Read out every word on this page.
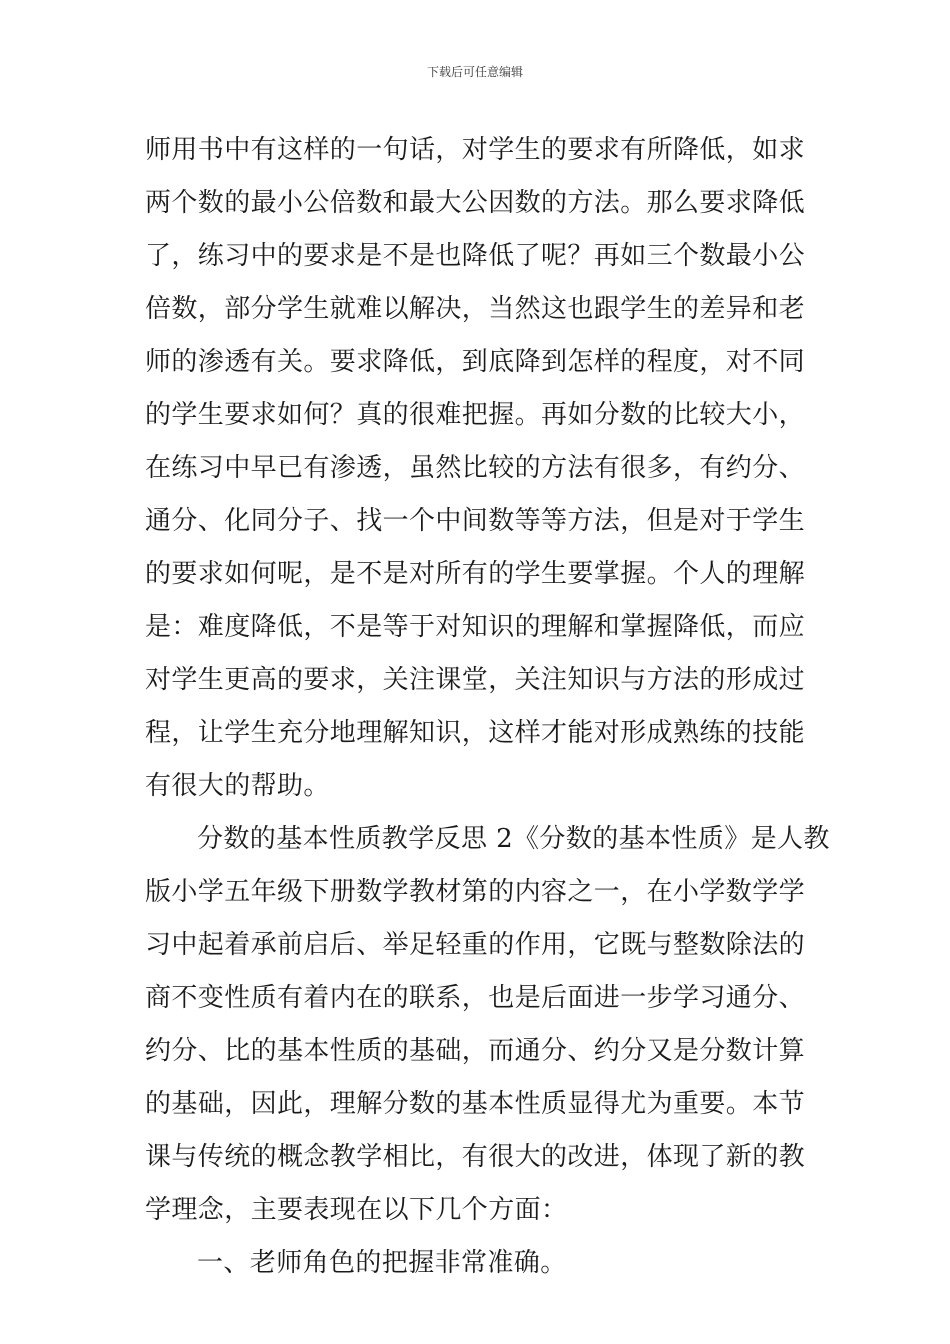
下载后可任意编辑
师用书中有这样的一句话，对学生的要求有所降低，如求
两个数的最小公倍数和最大公因数的方法。那么要求降低
了，练习中的要求是不是也降低了呢？再如三个数最小公
倍数，部分学生就难以解决，当然这也跟学生的差异和老
师的渗透有关。要求降低，到底降到怎样的程度，对不同
的学生要求如何？真的很难把握。再如分数的比较大小，
在练习中早已有渗透，虽然比较的方法有很多，有约分、
通分、化同分子、找一个中间数等等方法，但是对于学生
的要求如何呢，是不是对所有的学生要掌握。个人的理解
是：难度降低，不是等于对知识的理解和掌握降低，而应
对学生更高的要求，关注课堂，关注知识与方法的形成过
程，让学生充分地理解知识，这样才能对形成熟练的技能
有很大的帮助。
分数的基本性质教学反思 2《分数的基本性质》是人教
版小学五年级下册数学教材第的内容之一，在小学数学学
习中起着承前启后、举足轻重的作用，它既与整数除法的
商不变性质有着内在的联系，也是后面进一步学习通分、
约分、比的基本性质的基础，而通分、约分又是分数计算
的基础，因此，理解分数的基本性质显得尤为重要。本节
课与传统的概念教学相比，有很大的改进，体现了新的教
学理念，主要表现在以下几个方面：
一、老师角色的把握非常准确。
